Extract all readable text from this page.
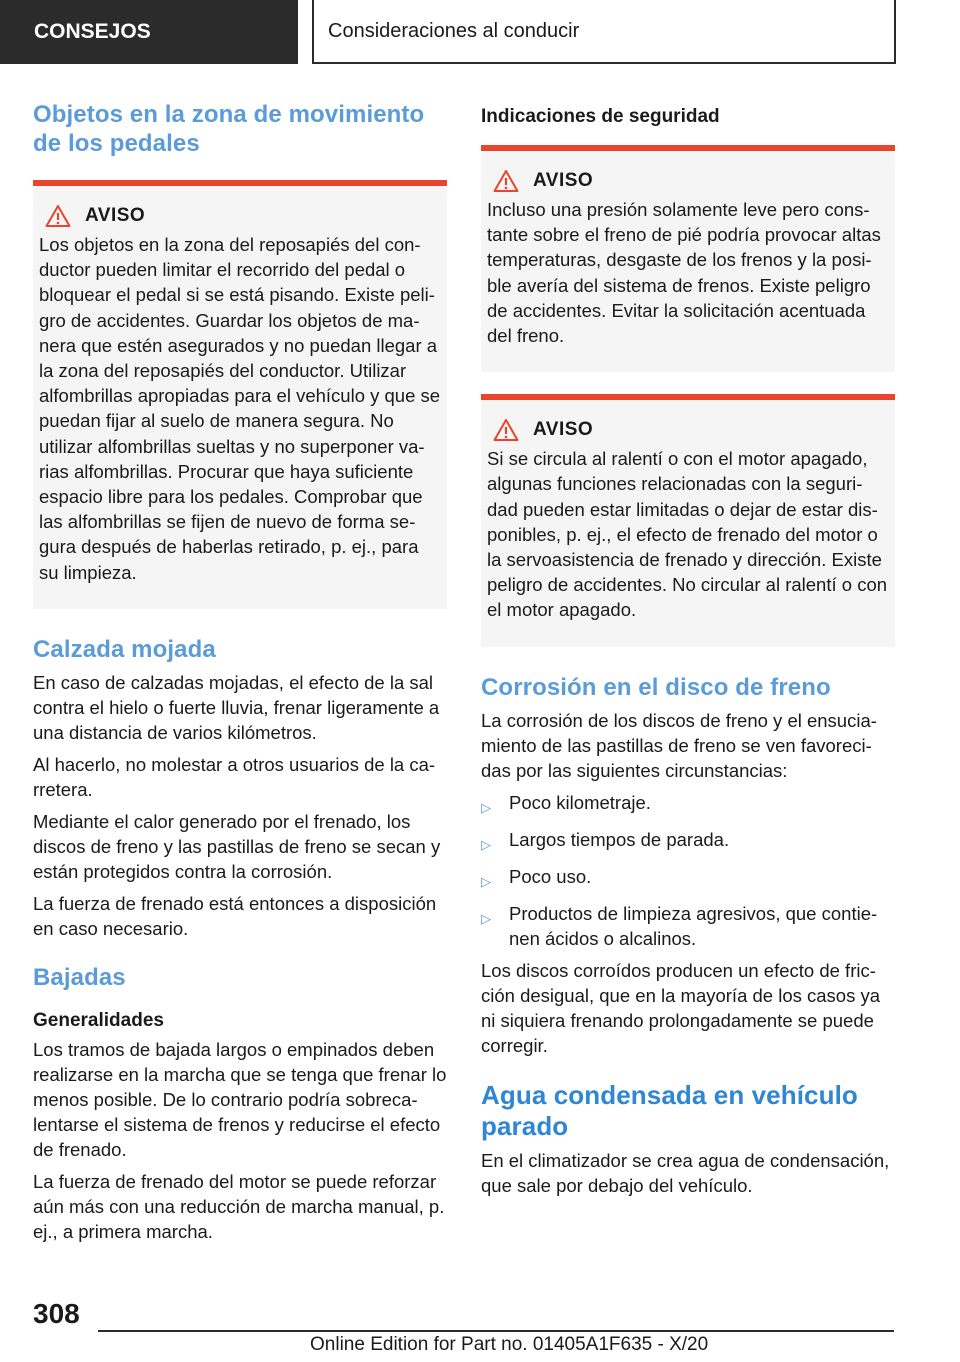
CONSEJOS	Consideraciones al conducir
Objetos en la zona de movimiento de los pedales
AVISO

Los objetos en la zona del reposapiés del con-ductor pueden limitar el recorrido del pedal o bloquear el pedal si se está pisando. Existe peli-gro de accidentes. Guardar los objetos de ma-nera que estén asegurados y no puedan llegar a la zona del reposapiés del conductor. Utilizar alfombrillas apropiadas para el vehículo y que se puedan fijar al suelo de manera segura. No utilizar alfombrillas sueltas y no superponer va-rias alfombrillas. Procurar que haya suficiente espacio libre para los pedales. Comprobar que las alfombrillas se fijen de nuevo de forma se-gura después de haberlas retirado, p. ej., para su limpieza.

Calzada mojada

En caso de calzadas mojadas, el efecto de la sal contra el hielo o fuerte lluvia, frenar ligeramente a una distancia de varios kilómetros.

Al hacerlo, no molestar a otros usuarios de la ca-rretera.

Mediante el calor generado por el frenado, los discos de freno y las pastillas de freno se secan y están protegidos contra la corrosión.

La fuerza de frenado está entonces a disposición en caso necesario.

Bajadas
Generalidades

Los tramos de bajada largos o empinados deben realizarse en la marcha que se tenga que frenar lo menos posible. De lo contrario podría sobreca-lentarse el sistema de frenos y reducirse el efecto de frenado.

La fuerza de frenado del motor se puede reforzar aún más con una reducción de marcha manual, p. ej., a primera marcha.

Indicaciones de seguridad
AVISO

Incluso una presión solamente leve pero cons-tante sobre el freno de pié podría provocar altas temperaturas, desgaste de los frenos y la posi-ble avería del sistema de frenos. Existe peligro de accidentes. Evitar la solicitación acentuada del freno.

AVISO

Si se circula al ralentí o con el motor apagado, algunas funciones relacionadas con la seguri-dad pueden estar limitadas o dejar de estar dis-ponibles, p. ej., el efecto de frenado del motor o la servoasistencia de frenado y dirección. Existe peligro de accidentes. No circular al ralentí o con el motor apagado.

Corrosión en el disco de freno

La corrosión de los discos de freno y el ensucia-miento de las pastillas de freno se ven favoreci-das por las siguientes circunstancias:

▷ Poco kilometraje.
▷ Largos tiempos de parada.
▷ Poco uso.
▷ Productos de limpieza agresivos, que contie-nen ácidos o alcalinos.

Los discos corroídos producen un efecto de fric-ción desigual, que en la mayoría de los casos ya ni siquiera frenando prolongadamente se puede corregir.

Agua condensada en vehículo parado

En el climatizador se crea agua de condensación, que sale por debajo del vehículo.

308
Online Edition for Part no. 01405A1F635 - X/20
